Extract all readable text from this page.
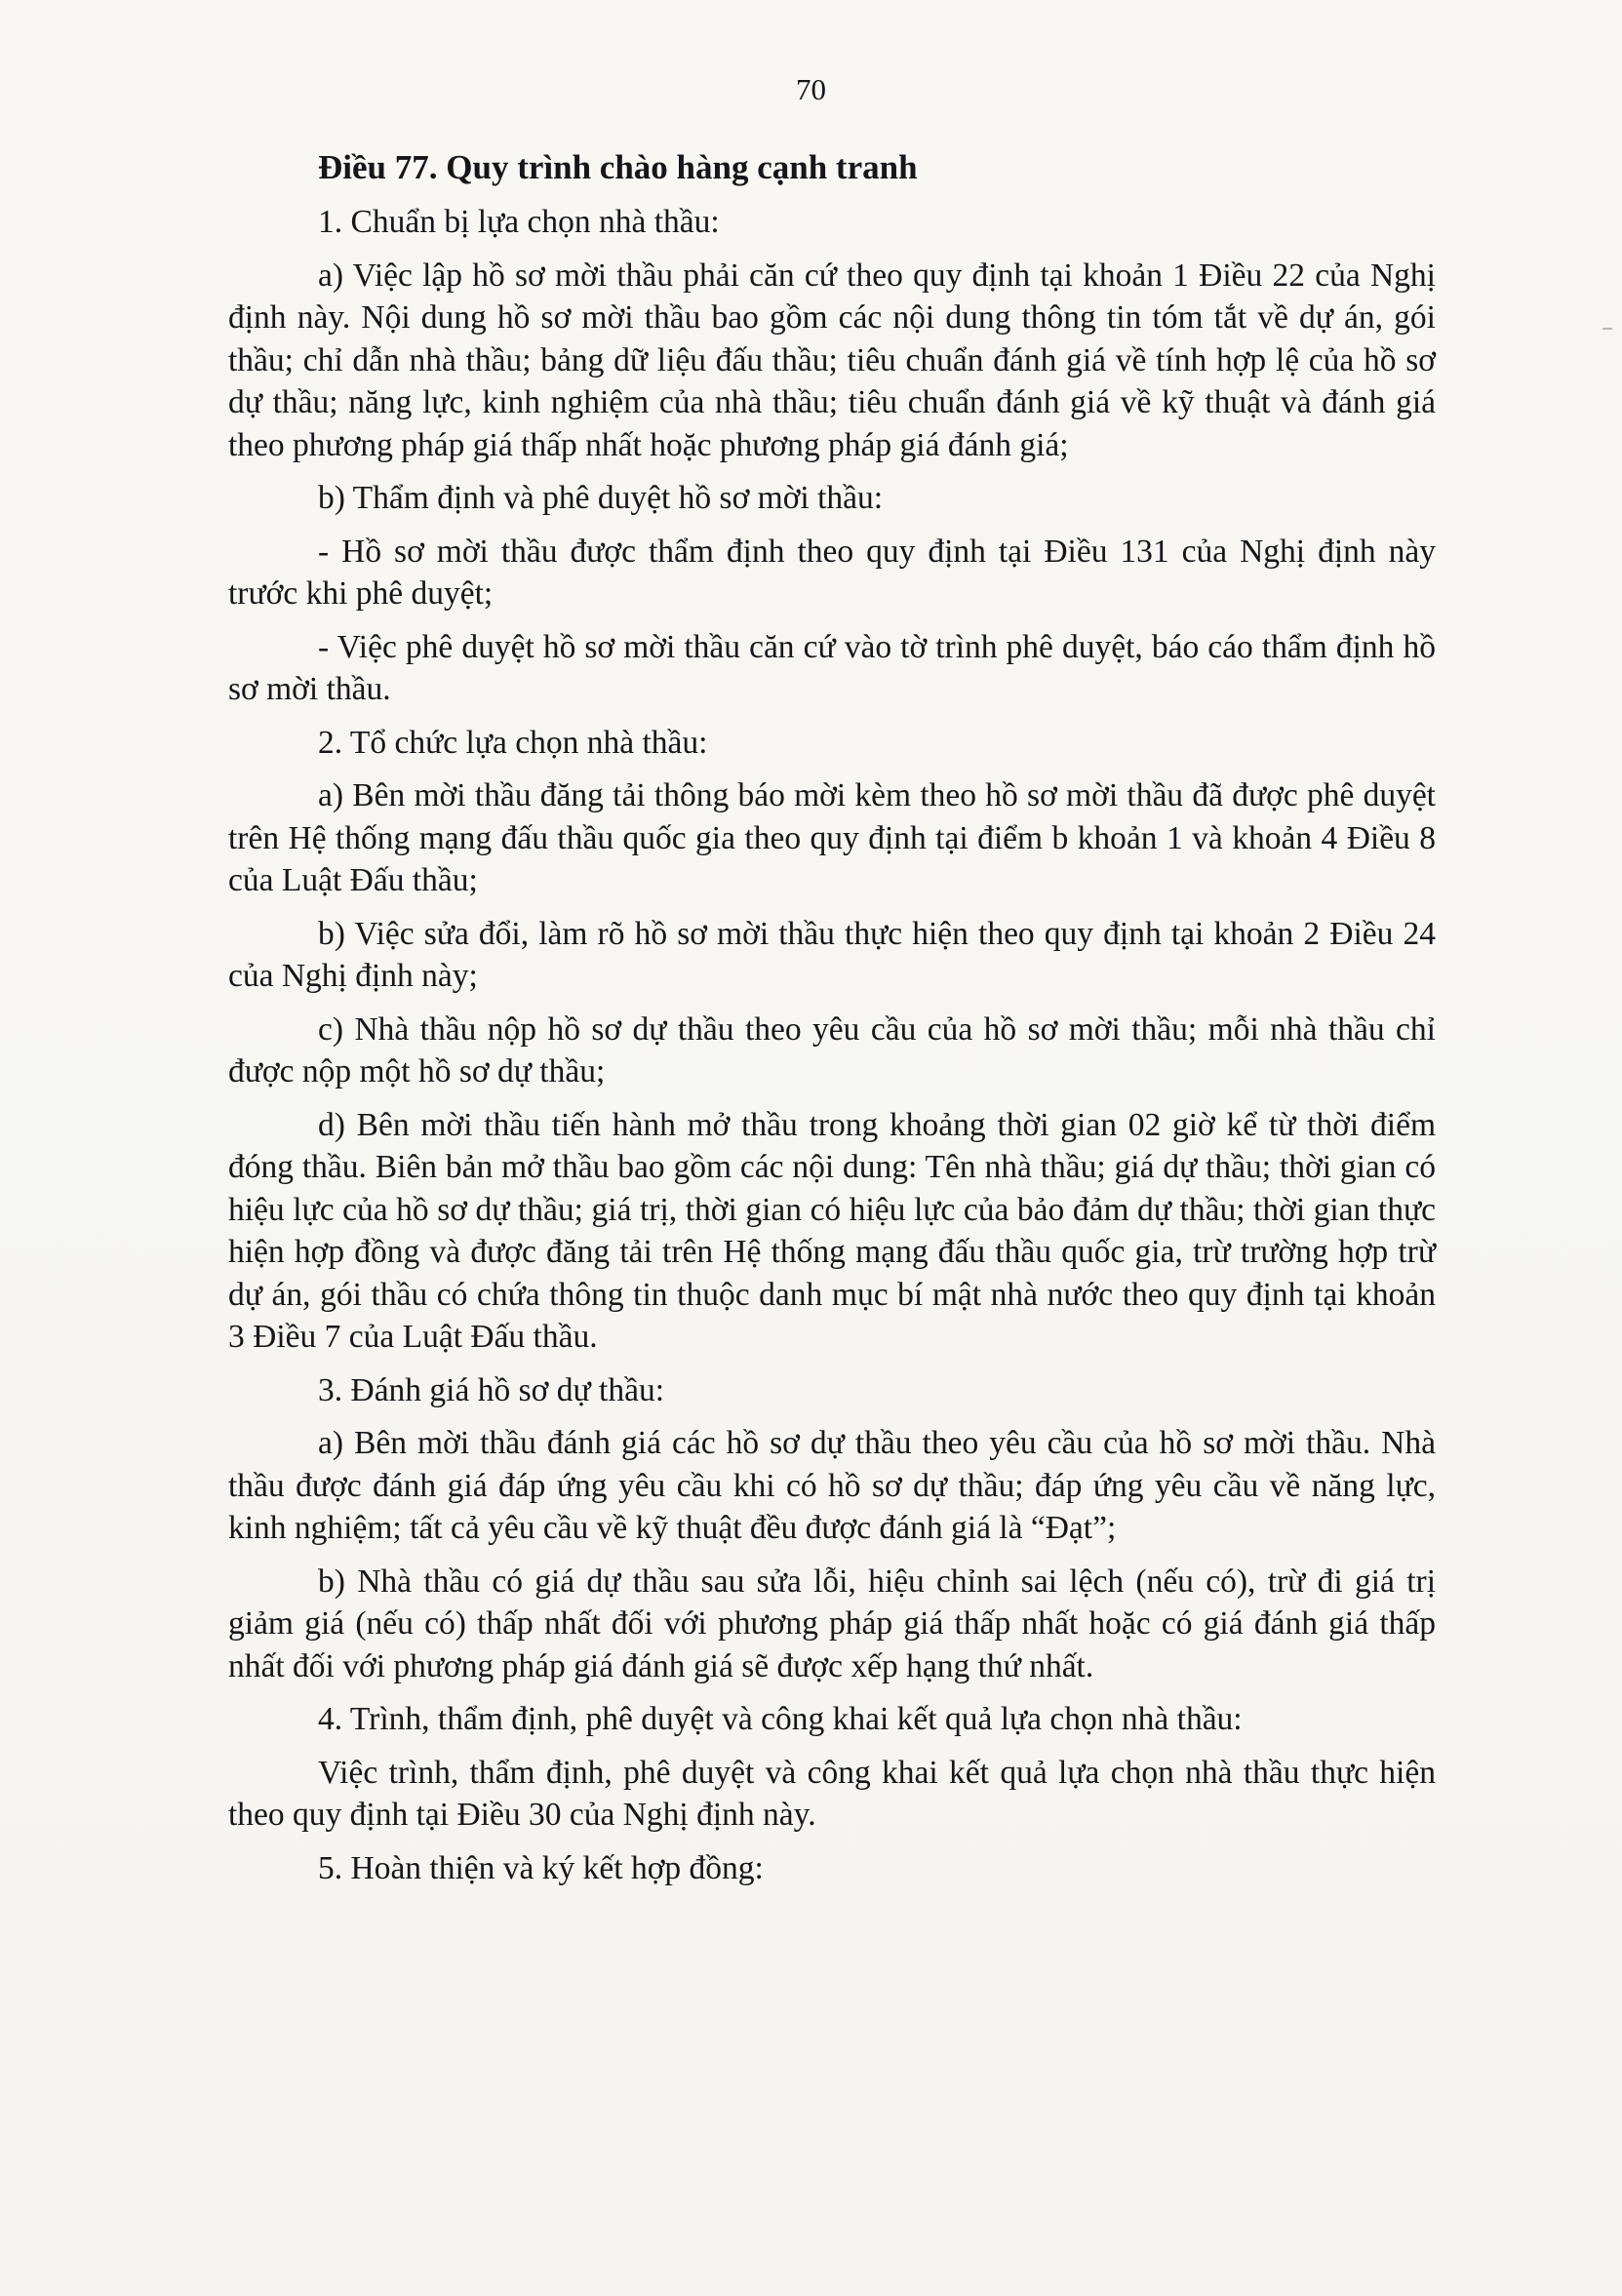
70
Điều 77. Quy trình chào hàng cạnh tranh

1. Chuẩn bị lựa chọn nhà thầu:

a) Việc lập hồ sơ mời thầu phải căn cứ theo quy định tại khoản 1 Điều 22 của Nghị định này. Nội dung hồ sơ mời thầu bao gồm các nội dung thông tin tóm tắt về dự án, gói thầu; chỉ dẫn nhà thầu; bảng dữ liệu đấu thầu; tiêu chuẩn đánh giá về tính hợp lệ của hồ sơ dự thầu; năng lực, kinh nghiệm của nhà thầu; tiêu chuẩn đánh giá về kỹ thuật và đánh giá theo phương pháp giá thấp nhất hoặc phương pháp giá đánh giá;

b) Thẩm định và phê duyệt hồ sơ mời thầu:

- Hồ sơ mời thầu được thẩm định theo quy định tại Điều 131 của Nghị định này trước khi phê duyệt;

- Việc phê duyệt hồ sơ mời thầu căn cứ vào tờ trình phê duyệt, báo cáo thẩm định hồ sơ mời thầu.

2. Tổ chức lựa chọn nhà thầu:

a) Bên mời thầu đăng tải thông báo mời kèm theo hồ sơ mời thầu đã được phê duyệt trên Hệ thống mạng đấu thầu quốc gia theo quy định tại điểm b khoản 1 và khoản 4 Điều 8 của Luật Đấu thầu;

b) Việc sửa đổi, làm rõ hồ sơ mời thầu thực hiện theo quy định tại khoản 2 Điều 24 của Nghị định này;

c) Nhà thầu nộp hồ sơ dự thầu theo yêu cầu của hồ sơ mời thầu; mỗi nhà thầu chỉ được nộp một hồ sơ dự thầu;

d) Bên mời thầu tiến hành mở thầu trong khoảng thời gian 02 giờ kể từ thời điểm đóng thầu. Biên bản mở thầu bao gồm các nội dung: Tên nhà thầu; giá dự thầu; thời gian có hiệu lực của hồ sơ dự thầu; giá trị, thời gian có hiệu lực của bảo đảm dự thầu; thời gian thực hiện hợp đồng và được đăng tải trên Hệ thống mạng đấu thầu quốc gia, trừ trường hợp trừ dự án, gói thầu có chứa thông tin thuộc danh mục bí mật nhà nước theo quy định tại khoản 3 Điều 7 của Luật Đấu thầu.

3. Đánh giá hồ sơ dự thầu:

a) Bên mời thầu đánh giá các hồ sơ dự thầu theo yêu cầu của hồ sơ mời thầu. Nhà thầu được đánh giá đáp ứng yêu cầu khi có hồ sơ dự thầu; đáp ứng yêu cầu về năng lực, kinh nghiệm; tất cả yêu cầu về kỹ thuật đều được đánh giá là “Đạt”;

b) Nhà thầu có giá dự thầu sau sửa lỗi, hiệu chỉnh sai lệch (nếu có), trừ đi giá trị giảm giá (nếu có) thấp nhất đối với phương pháp giá thấp nhất hoặc có giá đánh giá thấp nhất đối với phương pháp giá đánh giá sẽ được xếp hạng thứ nhất.

4. Trình, thẩm định, phê duyệt và công khai kết quả lựa chọn nhà thầu:

Việc trình, thẩm định, phê duyệt và công khai kết quả lựa chọn nhà thầu thực hiện theo quy định tại Điều 30 của Nghị định này.

5. Hoàn thiện và ký kết hợp đồng:
